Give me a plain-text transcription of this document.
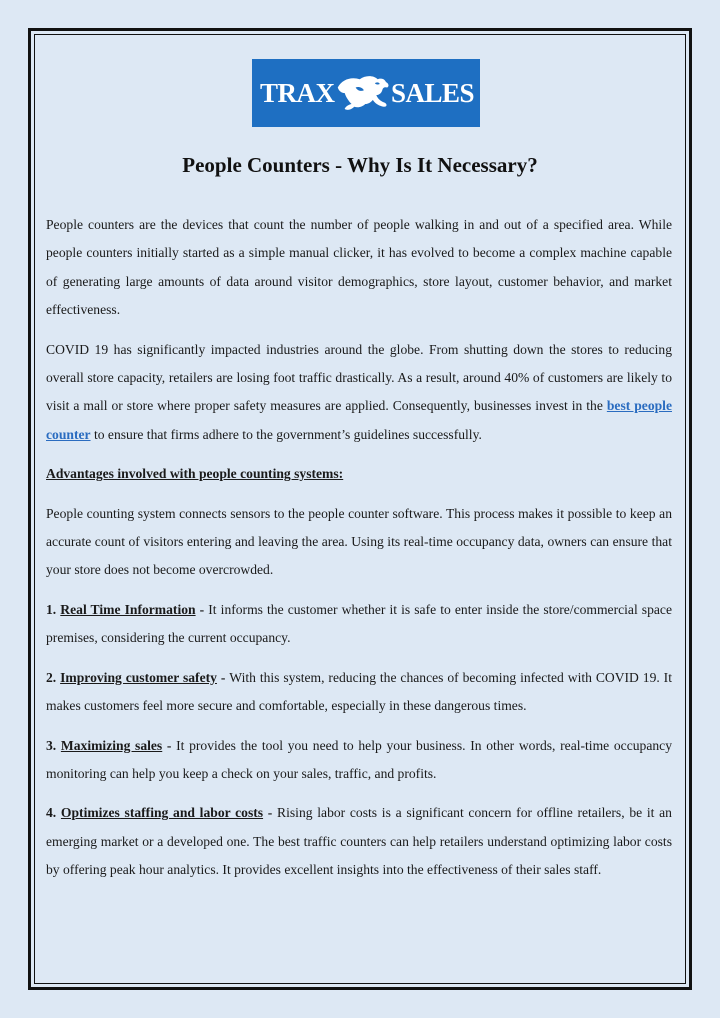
TRAX SALES
People Counters - Why Is It Necessary?

People counters are the devices that count the number of people walking in and out of a specified area. While people counters initially started as a simple manual clicker, it has evolved to become a complex machine capable of generating large amounts of data around visitor demographics, store layout, customer behavior, and market effectiveness.

COVID 19 has significantly impacted industries around the globe. From shutting down the stores to reducing overall store capacity, retailers are losing foot traffic drastically. As a result, around 40% of customers are likely to visit a mall or store where proper safety measures are applied. Consequently, businesses invest in the best people counter to ensure that firms adhere to the government’s guidelines successfully.

Advantages involved with people counting systems:

People counting system connects sensors to the people counter software. This process makes it possible to keep an accurate count of visitors entering and leaving the area. Using its real-time occupancy data, owners can ensure that your store does not become overcrowded.

1. Real Time Information - It informs the customer whether it is safe to enter inside the store/commercial space premises, considering the current occupancy.

2. Improving customer safety - With this system, reducing the chances of becoming infected with COVID 19. It makes customers feel more secure and comfortable, especially in these dangerous times.

3. Maximizing sales - It provides the tool you need to help your business. In other words, real-time occupancy monitoring can help you keep a check on your sales, traffic, and profits.

4. Optimizes staffing and labor costs - Rising labor costs is a significant concern for offline retailers, be it an emerging market or a developed one. The best traffic counters can help retailers understand optimizing labor costs by offering peak hour analytics. It provides excellent insights into the effectiveness of their sales staff.
